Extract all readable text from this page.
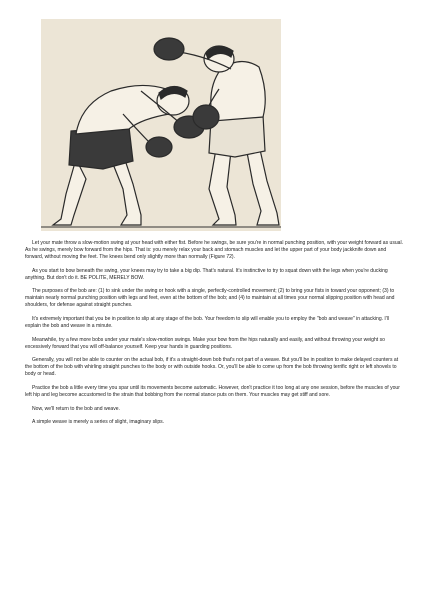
Let your mate throw a slow-motion swing at your head with either fist. Before he swings, be sure you're in normal punching position, with your weight forward as usual. As he swings, merely bow forward from the hips. That is: you merely relax your back and stomach muscles and let the upper part of your body jackknife down and forward, without moving the feet. The knees bend only slightly more than normally (Figure 72).

As you start to bow beneath the swing, your knees may try to take a big dip. That's natural. It's instinctive to try to squat down with the legs when you're ducking anything. But don't do it. BE POLITE, MERELY BOW.

The purposes of the bob are: (1) to sink under the swing or hook with a single, perfectly-controlled movement; (2) to bring your fists in toward your opponent; (3) to maintain nearly normal punching position with legs and feet, even at the bottom of the bob; and (4) to maintain at all times your normal slipping position with head and shoulders, for defense against straight punches.

It's extremely important that you be in position to slip at any stage of the bob. Your freedom to slip will enable you to employ the "bob and weave" in attacking. I'll explain the bob and weave in a minute.

Meanwhile, try a few more bobs under your mate's slow-motion swings. Make your bow from the hips naturally and easily, and without throwing your weight so excessively forward that you will off-balance yourself. Keep your hands in guarding positions.

Generally, you will not be able to counter on the actual bob, if it's a straight-down bob that's not part of a weave. But you'll be in position to make delayed counters at the bottom of the bob with whirling straight punches to the body or with outside hooks. Or, you'll be able to come up from the bob throwing terrific right or left shovels to body or head.

Practice the bob a little every time you spar until its movements become automatic. However, don't practice it too long at any one session, before the muscles of your left hip and leg become accustomed to the strain that bobbing from the normal stance puts on them. Your muscles may get stiff and sore.

Now, we'll return to the bob and weave.

A simple weave is merely a series of slight, imaginary slips.
